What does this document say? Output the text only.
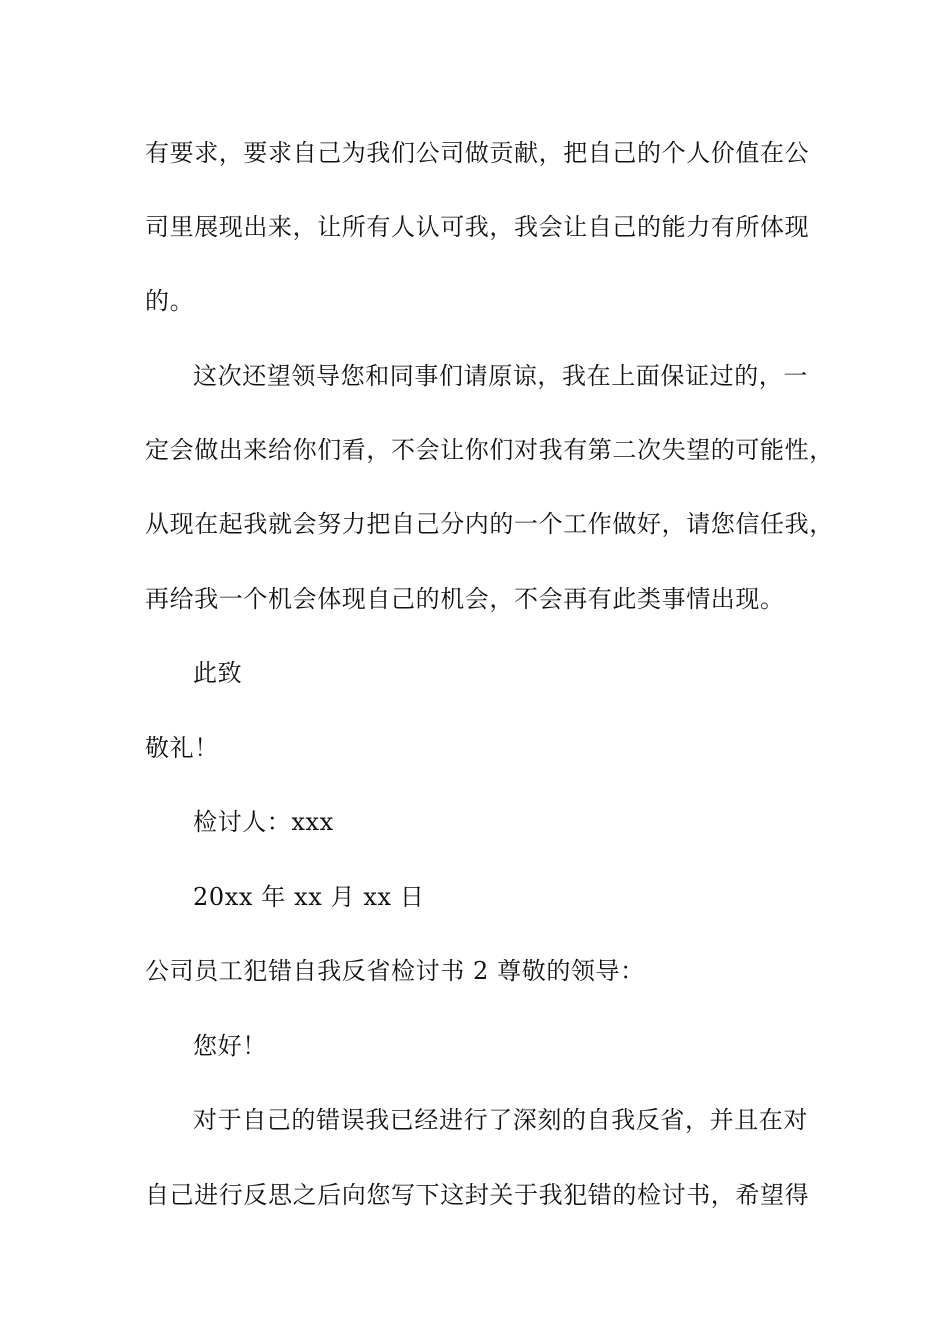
有要求，要求自己为我们公司做贡献，把自己的个人价值在公
司里展现出来，让所有人认可我，我会让自己的能力有所体现
的。
这次还望领导您和同事们请原谅，我在上面保证过的，一
定会做出来给你们看，不会让你们对我有第二次失望的可能性，
从现在起我就会努力把自己分内的一个工作做好，请您信任我，
再给我一个机会体现自己的机会，不会再有此类事情出现。
此致
敬礼！
检讨人：xxx
20xx 年 xx 月 xx 日
公司员工犯错自我反省检讨书 2 尊敬的领导：
您好！
对于自己的错误我已经进行了深刻的自我反省，并且在对
自己进行反思之后向您写下这封关于我犯错的检讨书，希望得
